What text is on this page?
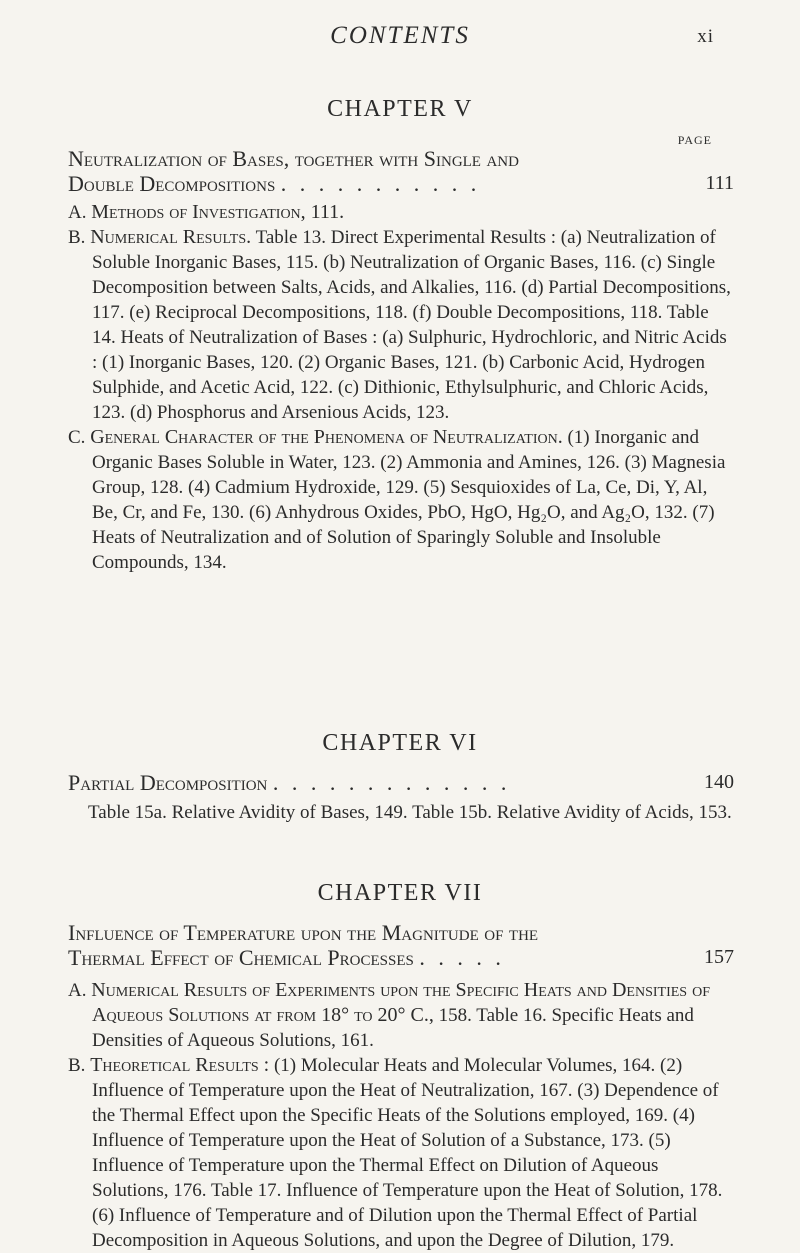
CONTENTS	xi
CHAPTER V
PAGE
Neutralization of Bases, together with Single and
Double Decompositions . . . . . . . . . . .	111

A. Methods of Investigation, 111.

B. Numerical Results. Table 13. Direct Experimental Results : (a) Neutralization of Soluble Inorganic Bases, 115. (b) Neutralization of Organic Bases, 116. (c) Single Decomposition between Salts, Acids, and Alkalies, 116. (d) Partial Decompositions, 117. (e) Reciprocal Decompositions, 118. (f) Double Decompositions, 118. Table 14. Heats of Neutralization of Bases : (a) Sulphuric, Hydrochloric, and Nitric Acids : (1) Inorganic Bases, 120. (2) Organic Bases, 121. (b) Carbonic Acid, Hydrogen Sulphide, and Acetic Acid, 122. (c) Dithionic, Ethylsulphuric, and Chloric Acids, 123. (d) Phosphorus and Arsenious Acids, 123.

C. General Character of the Phenomena of Neutralization. (1) Inorganic and Organic Bases Soluble in Water, 123. (2) Ammonia and Amines, 126. (3) Magnesia Group, 128. (4) Cadmium Hydroxide, 129. (5) Sesquioxides of La, Ce, Di, Y, Al, Be, Cr, and Fe, 130. (6) Anhydrous Oxides, PbO, HgO, Hg₂O, and Ag₂O, 132. (7) Heats of Neutralization and of Solution of Sparingly Soluble and Insoluble Compounds, 134.

CHAPTER VI
Partial Decomposition . . . . . . . . . . . . .	140

Table 15a. Relative Avidity of Bases, 149. Table 15b. Relative Avidity of Acids, 153.

CHAPTER VII
Influence of Temperature upon the Magnitude of the
Thermal Effect of Chemical Processes . . . . .	157

A. Numerical Results of Experiments upon the Specific Heats and Densities of Aqueous Solutions at from 18° to 20° C., 158. Table 16. Specific Heats and Densities of Aqueous Solutions, 161.

B. Theoretical Results : (1) Molecular Heats and Molecular Volumes, 164. (2) Influence of Temperature upon the Heat of Neutralization, 167. (3) Dependence of the Thermal Effect upon the Specific Heats of the Solutions employed, 169. (4) Influence of Temperature upon the Heat of Solution of a Substance, 173. (5) Influence of Temperature upon the Thermal Effect on Dilution of Aqueous Solutions, 176. Table 17. Influence of Temperature upon the Heat of Solution, 178. (6) Influence of Temperature and of Dilution upon the Thermal Effect of Partial Decomposition in Aqueous Solutions, and upon the Degree of Dilution, 179.
